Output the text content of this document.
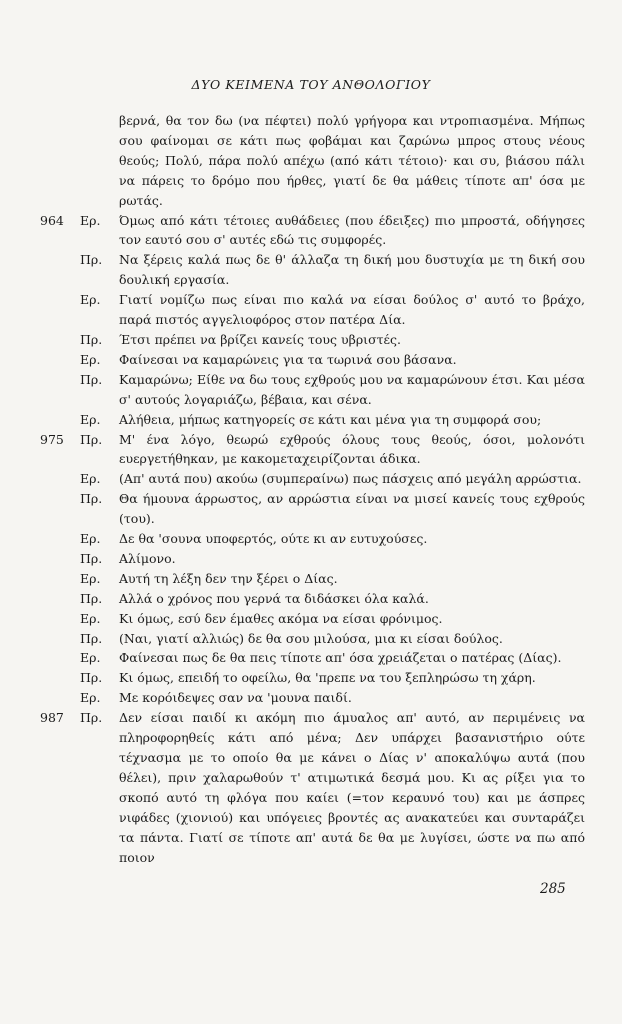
ΔΥΟ ΚΕΙΜΕΝΑ ΤΟΥ ΑΝΘΟΛΟΓΙΟΥ
βερνά, θα τον δω (να πέφτει) πολύ γρήγορα και ντροπιασμένα. Μήπως σου φαίνομαι σε κάτι πως φοβάμαι και ζαρώνω μπρος στους νέους θεούς; Πολύ, πάρα πολύ απέχω (από κάτι τέτοιο)· και συ, βιάσου πάλι να πάρεις το δρόμο που ήρθες, γιατί δε θα μάθεις τίποτε απ' όσα με ρωτάς.
964	Ερ. Όμως από κάτι τέτοιες αυθάδειες (που έδειξες) πιο μπροστά, οδήγησες τον εαυτό σου σ' αυτές εδώ τις συμφορές.
Πρ. Να ξέρεις καλά πως δε θ' άλλαζα τη δική μου δυστυχία με τη δική σου δουλική εργασία.
Ερ. Γιατί νομίζω πως είναι πιο καλά να είσαι δούλος σ' αυτό το βράχο, παρά πιστός αγγελιοφόρος στον πατέρα Δία.
Πρ. Έτσι πρέπει να βρίζει κανείς τους υβριστές.
Ερ. Φαίνεσαι να καμαρώνεις για τα τωρινά σου βάσανα.
Πρ. Καμαρώνω; Είθε να δω τους εχθρούς μου να καμαρώνουν έτσι. Και μέσα σ' αυτούς λογαριάζω, βέβαια, και σένα.
Ερ. Αλήθεια, μήπως κατηγορείς σε κάτι και μένα για τη συμφορά σου;
975	Πρ. Μ' ένα λόγο, θεωρώ εχθρούς όλους τους θεούς, όσοι, μολονότι ευεργετήθηκαν, με κακομεταχειρίζονται άδικα.
Ερ. (Απ' αυτά που) ακούω (συμπεραίνω) πως πάσχεις από μεγάλη αρρώστια.
Πρ. Θα ήμουνα άρρωστος, αν αρρώστια είναι να μισεί κανείς τους εχθρούς (του).
Ερ. Δε θα 'σουνα υποφερτός, ούτε κι αν ευτυχούσες.
Πρ. Αλίμονο.
Ερ. Αυτή τη λέξη δεν την ξέρει ο Δίας.
Πρ. Αλλά ο χρόνος που γερνά τα διδάσκει όλα καλά.
Ερ. Κι όμως, εσύ δεν έμαθες ακόμα να είσαι φρόνιμος.
Πρ. (Ναι, γιατί αλλιώς) δε θα σου μιλούσα, μια κι είσαι δούλος.
Ερ. Φαίνεσαι πως δε θα πεις τίποτε απ' όσα χρειάζεται ο πατέρας (Δίας).
Πρ. Κι όμως, επειδή το οφείλω, θα 'πρεπε να του ξεπληρώσω τη χάρη.
Ερ. Με κορόιδεψες σαν να 'μουνα παιδί.
987	Πρ. Δεν είσαι παιδί κι ακόμη πιο άμυαλος απ' αυτό, αν περιμένεις να πληροφορηθείς κάτι από μένα; Δεν υπάρχει βασανιστήριο ούτε τέχνασμα με το οποίο θα με κάνει ο Δίας ν' αποκαλύψω αυτά (που θέλει), πριν χαλαρωθούν τ' ατιμωτικά δεσμά μου. Κι ας ρίξει για το σκοπό αυτό τη φλόγα που καίει (=τον κεραυνό του) και με άσπρες νιφάδες (χιονιού) και υπόγειες βροντές ας ανακατεύει και συνταράζει τα πάντα. Γιατί σε τίποτε απ' αυτά δε θα με λυγίσει, ώστε να πω από ποιον
285
